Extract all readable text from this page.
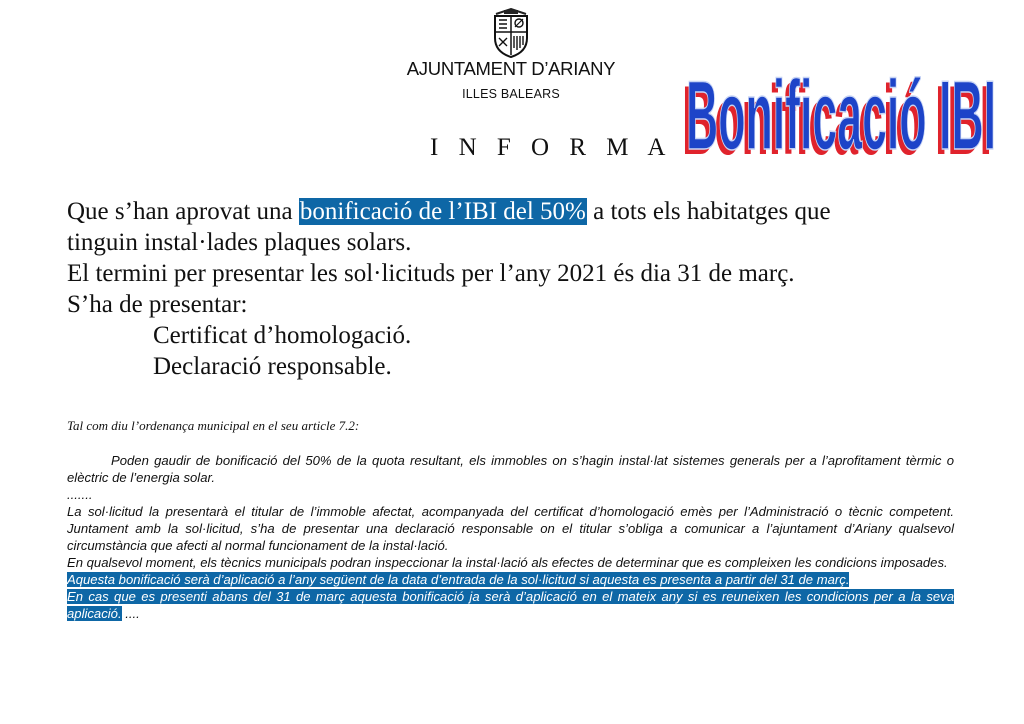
AJUNTAMENT D’ARIANY
ILLES BALEARS
I N F O R M A Bonificació IBI
Bonificació IBI

Que s’han aprovat una bonificació de l’IBI del 50% a tots els habitatges que

tinguin instal·lades plaques solars.

El termini per presentar les sol·licituds per l’any 2021 és dia 31 de març.

S’ha de presentar:

Certificat d’homologació.

Declaració responsable.

Tal com diu l’ordenança municipal en el seu article 7.2:

Poden gaudir de bonificació del 50% de la quota resultant, els immobles on s’hagin instal·lat sistemes generals per a l’aprofitament tèrmic o elèctric de l’energia solar.

.......

La sol·licitud la presentarà el titular de l’immoble afectat, acompanyada del certificat d’homologació emès per l’Administració o tècnic competent. Juntament amb la sol·licitud, s’ha de presentar una declaració responsable on el titular s’obliga a comunicar a l’ajuntament d’Ariany qualsevol circumstància que afecti al normal funcionament de la instal·lació.

En qualsevol moment, els tècnics municipals podran inspeccionar la instal·lació als efectes de determinar que es compleixen les condicions imposades.

Aquesta bonificació serà d’aplicació a l’any següent de la data d’entrada de la sol·licitud si aquesta es presenta a partir del 31 de març.

En cas que es presenti abans del 31 de març aquesta bonificació ja serà d’aplicació en el mateix any si es reuneixen les condicions per a la seva aplicació. ....
